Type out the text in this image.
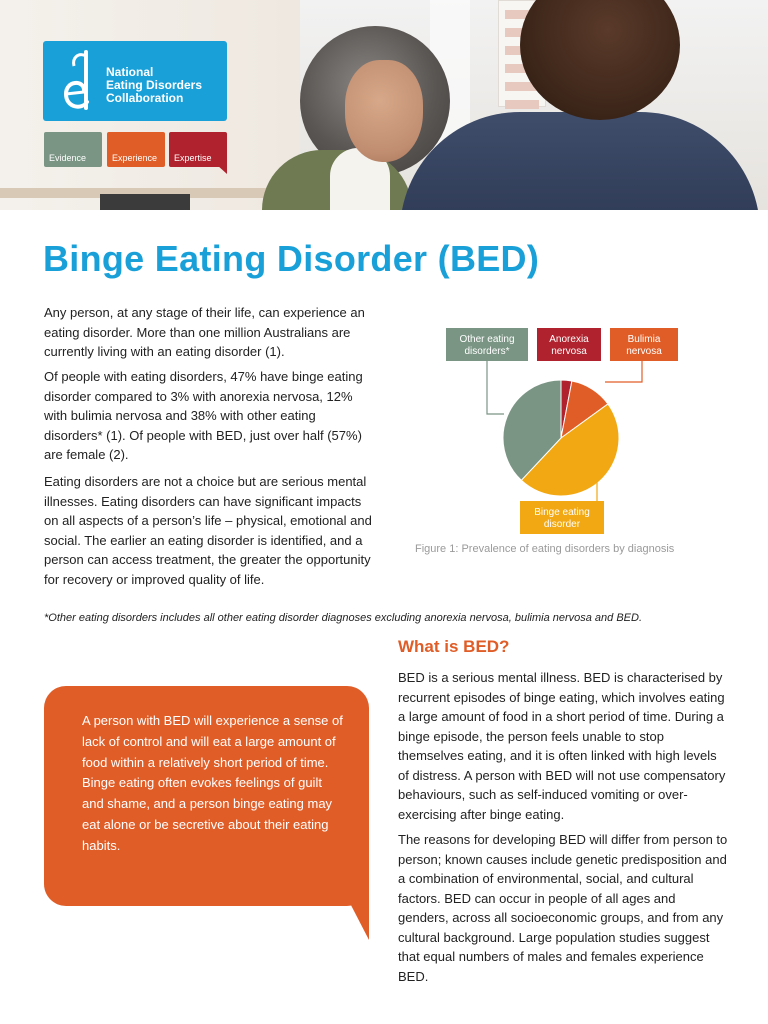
National
Eating Disorders
Collaboration
Evidence	Experience Expertise
Binge Eating Disorder (BED)

Any person, at any stage of their life, can experience an eating disorder. More than one million Australians are currently living with an eating disorder (1).

Of people with eating disorders, 47% have binge eating disorder compared to 3% with anorexia nervosa, 12% with bulimia nervosa and 38% with other eating disorders* (1). Of people with BED, just over half (57%) are female (2).

Eating disorders are not a choice but are serious mental illnesses. Eating disorders can have significant impacts on all aspects of a person’s life – physical, emotional and social. The earlier an eating disorder is identified, and a person can access treatment, the greater the opportunity for recovery or improved quality of life.

*Other eating disorders includes all other eating disorder diagnoses excluding anorexia nervosa, bulimia nervosa and BED.

Anorexia
nervosa
Bulimia
nervosa
Binge eating
disorder
Other eating
disorders*
Figure 1: Prevalence of eating disorders by diagnosis

A person with BED will experience a sense of lack of control and will eat a large amount of food within a relatively short period of time. Binge eating often evokes feelings of guilt and shame, and a person binge eating may eat alone or be secretive about their eating habits.

What is BED?

BED is a serious mental illness. BED is characterised by recurrent episodes of binge eating, which involves eating a large amount of food in a short period of time. During a binge episode, the person feels unable to stop themselves eating, and it is often linked with high levels of distress. A person with BED will not use compensatory behaviours, such as self-induced vomiting or over-exercising after binge eating.

The reasons for developing BED will differ from person to person; known causes include genetic predisposition and a combination of environmental, social, and cultural factors. BED can occur in people of all ages and genders, across all socioeconomic groups, and from any cultural background. Large population studies suggest that equal numbers of males and females experience BED.
